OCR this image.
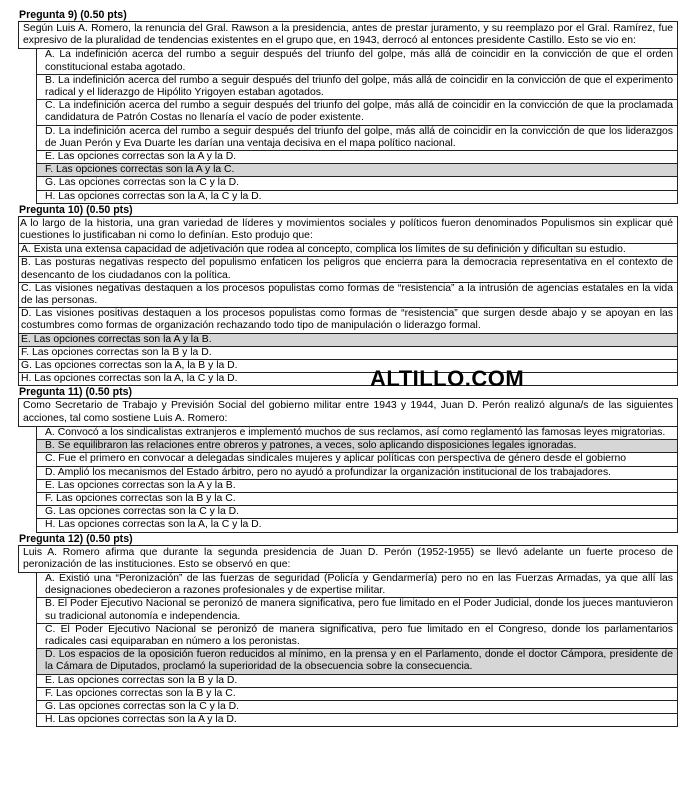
Pregunta 9) (0.50 pts)
Según Luis A. Romero, la renuncia del Gral. Rawson a la presidencia, antes de prestar juramento, y su reemplazo por el Gral. Ramírez, fue expresivo de la pluralidad de tendencias existentes en el grupo que, en 1943, derrocó al entonces presidente Castillo. Esto se vio en:
A. La indefinición acerca del rumbo a seguir después del triunfo del golpe, más allá de coincidir en la convicción de que el orden constitucional estaba agotado.
B. La indefinición acerca del rumbo a seguir después del triunfo del golpe, más allá de coincidir en la convicción de que el experimento radical y el liderazgo de Hipólito Yrigoyen estaban agotados.
C. La indefinición acerca del rumbo a seguir después del triunfo del golpe, más allá de coincidir en la convicción de que la proclamada candidatura de Patrón Costas no llenaría el vacío de poder existente.
D. La indefinición acerca del rumbo a seguir después del triunfo del golpe, más allá de coincidir en la convicción de que los liderazgos de Juan Perón y Eva Duarte les darían una ventaja decisiva en el mapa político nacional.
E. Las opciones correctas son la A y la D.
F. Las opciones correctas son la A y la C.
G. Las opciones correctas son la C y la D.
H. Las opciones correctas son la A, la C y la D.
Pregunta 10) (0.50 pts)
A lo largo de la historia, una gran variedad de líderes y movimientos sociales y políticos fueron denominados Populismos sin explicar qué cuestiones lo justificaban ni como lo definían. Esto produjo que:
A. Exista una extensa capacidad de adjetivación que rodea al concepto, complica los límites de su definición y dificultan su estudio.
B. Las posturas negativas respecto del populismo enfaticen los peligros que encierra para la democracia representativa en el contexto de desencanto de los ciudadanos con la política.
C. Las visiones negativas destaquen a los procesos populistas como formas de “resistencia” a la intrusión de agencias estatales en la vida de las personas.
D. Las visiones positivas destaquen a los procesos populistas como formas de “resistencia” que surgen desde abajo y se apoyan en las costumbres como formas de organización rechazando todo tipo de manipulación o liderazgo formal.
E. Las opciones correctas son la A y la B.
F. Las opciones correctas son la B y la D.
G. Las opciones correctas son la A, la B y la D.
H. Las opciones correctas son la A, la C y la D.
Pregunta 11) (0.50 pts)
Como Secretario de Trabajo y Previsión Social del gobierno militar entre 1943 y 1944, Juan D. Perón realizó alguna/s de las siguientes acciones, tal como sostiene Luis A. Romero:
A. Convocó a los sindicalistas extranjeros e implementó muchos de sus reclamos, así como reglamentó las famosas leyes migratorias.
B. Se equilibraron las relaciones entre obreros y patrones, a veces, solo aplicando disposiciones legales ignoradas.
C. Fue el primero en convocar a delegadas sindicales mujeres y aplicar políticas con perspectiva de género desde el gobierno
D. Amplió los mecanismos del Estado árbitro, pero no ayudó a profundizar la organización institucional de los trabajadores.
E. Las opciones correctas son la A y la B.
F. Las opciones correctas son la B y la C.
G. Las opciones correctas son la C y la D.
H. Las opciones correctas son la A, la C y la D.
Pregunta 12) (0.50 pts)
Luis A. Romero afirma que durante la segunda presidencia de Juan D. Perón (1952-1955) se llevó adelante un fuerte proceso de peronización de las instituciones. Esto se observó en que:
A. Existió una “Peronización” de las fuerzas de seguridad (Policía y Gendarmería) pero no en las Fuerzas Armadas, ya que allí las designaciones obedecieron a razones profesionales y de expertise militar.
B. El Poder Ejecutivo Nacional se peronizó de manera significativa, pero fue limitado en el Poder Judicial, donde los jueces mantuvieron su tradicional autonomía e independencia.
C. El Poder Ejecutivo Nacional se peronizó de manera significativa, pero fue limitado en el Congreso, donde los parlamentarios radicales casi equiparaban en número a los peronistas.
D. Los espacios de la oposición fueron reducidos al mínimo, en la prensa y en el Parlamento, donde el doctor Cámpora, presidente de la Cámara de Diputados, proclamó la superioridad de la obsecuencia sobre la consecuencia.
E. Las opciones correctas son la B y la D.
F. Las opciones correctas son la B y la C.
G. Las opciones correctas son la C y la D.
H. Las opciones correctas son la A y la D.
ALTILLO.COM
